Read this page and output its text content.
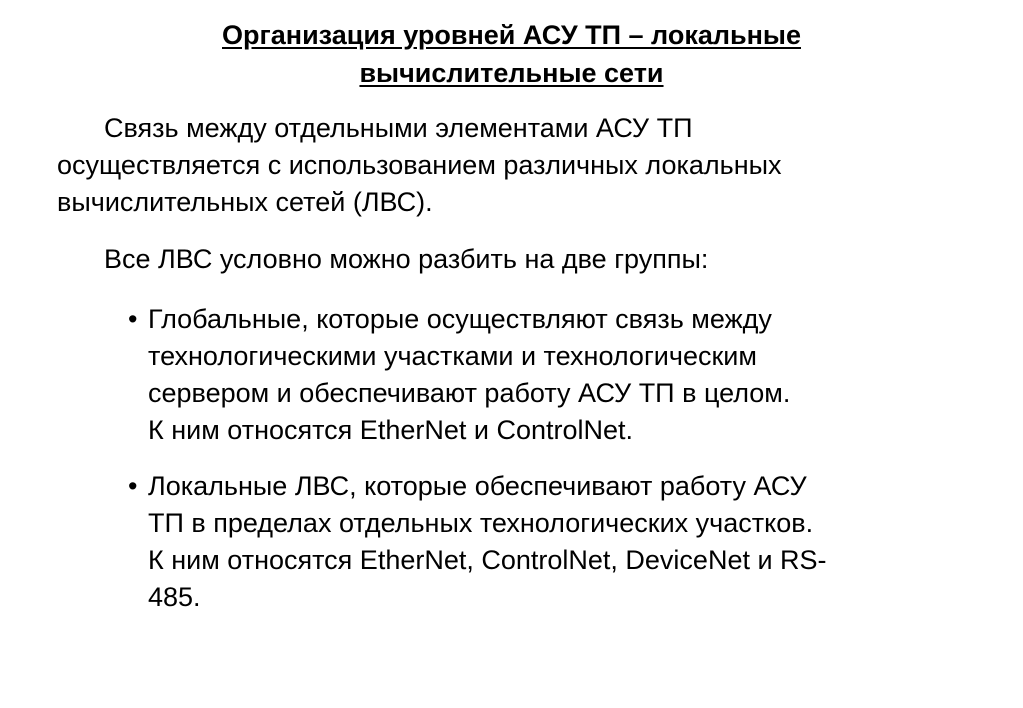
Организация уровней АСУ ТП – локальные
вычислительные сети
Связь между отдельными элементами АСУ ТП
осуществляется с использованием различных локальных
вычислительных сетей (ЛВС).
Все ЛВС условно можно разбить на две группы:
• Глобальные, которые осуществляют связь между
технологическими участками и технологическим
сервером и обеспечивают работу АСУ ТП в целом.
К ним относятся EtherNet и ControlNet.
• Локальные ЛВС, которые обеспечивают работу АСУ
ТП в пределах отдельных технологических участков.
К ним относятся EtherNet, ControlNet, DeviceNet и RS-
485.
